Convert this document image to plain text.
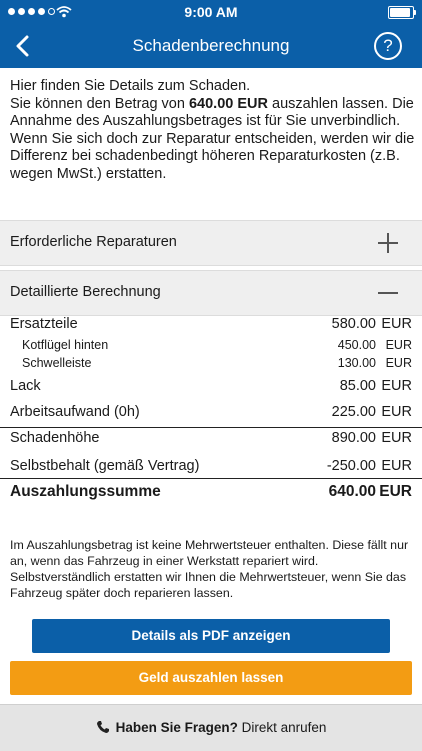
9:00 AM
Schadenberechnung	?
Hier finden Sie Details zum Schaden.
Sie können den Betrag von 640.00 EUR auszahlen lassen. Die Annahme des Auszahlungsbetrages ist für Sie unverbindlich. Wenn Sie sich doch zur Reparatur entscheiden, werden wir die Differenz bei schadenbedingt höheren Reparaturkosten (z.B. wegen MwSt.) erstatten.
Erforderliche Reparaturen
Detaillierte Berechnung
Ersatzteile	580.00 EUR
Kotflügel hinten	450.00 EUR
Schwelleiste	130.00 EUR
Lack	85.00 EUR
Arbeitsaufwand (0h)	225.00 EUR
Schadenhöhe	890.00 EUR
Selbstbehalt (gemäß Vertrag)	-250.00 EUR
Auszahlungssumme	640.00 EUR
Im Auszahlungsbetrag ist keine Mehrwertsteuer enthalten. Diese fällt nur an, wenn das Fahrzeug in einer Werkstatt repariert wird. Selbstverständlich erstatten wir Ihnen die Mehrwertsteuer, wenn Sie das Fahrzeug später doch reparieren lassen.
Details als PDF anzeigen
Geld auszahlen lassen
Haben Sie Fragen? Direkt anrufen
